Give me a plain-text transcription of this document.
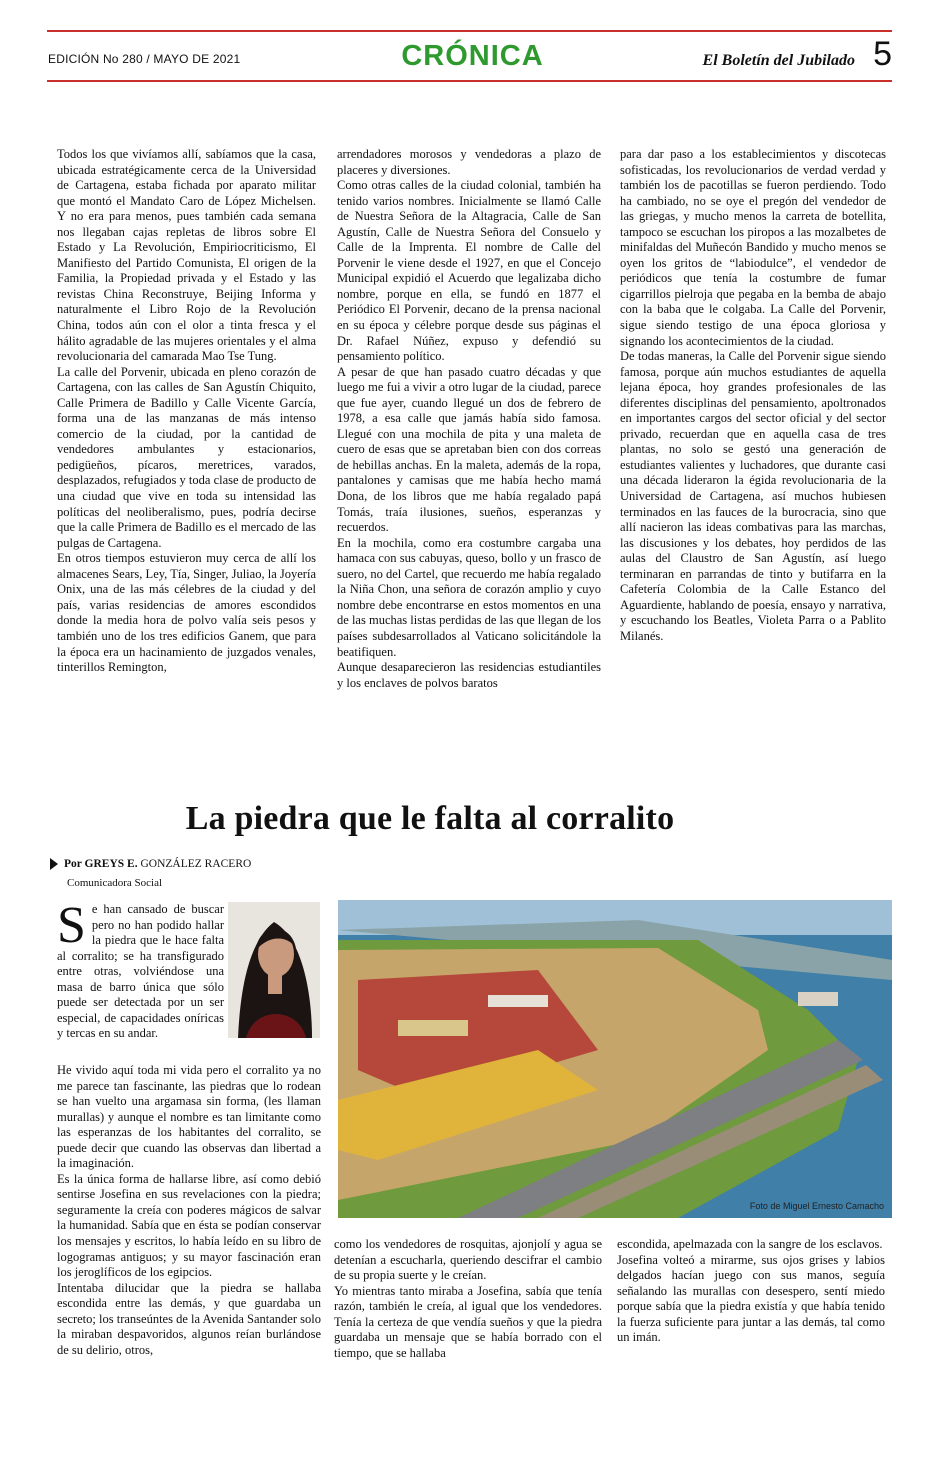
EDICIÓN No 280 / MAYO DE 2021	CRÓNICA	El Boletín del Jubilado 5

Todos los que vivíamos allí, sabíamos que la casa, ubicada estratégicamente cerca de la Universidad de Cartagena, estaba fichada por aparato militar que montó el Mandato Caro de López Michelsen. Y no era para menos, pues también cada semana nos llegaban cajas repletas de libros sobre El Estado y La Revolución, Empiriocriticismo, El Manifiesto del Partido Comunista, El origen de la Familia, la Propiedad privada y el Estado y las revistas China Reconstruye, Beijing Informa y naturalmente el Libro Rojo de la Revolución China, todos aún con el olor a tinta fresca y el hálito agradable de las mujeres orientales y el alma revolucionaria del camarada Mao Tse Tung.

La calle del Porvenir, ubicada en pleno corazón de Cartagena, con las calles de San Agustín Chiquito, Calle Primera de Badillo y Calle Vicente García, forma una de las manzanas de más intenso comercio de la ciudad, por la cantidad de vendedores ambulantes y estacionarios, pedigüeños, pícaros, meretrices, varados, desplazados, refugiados y toda clase de producto de una ciudad que vive en toda su intensidad las políticas del neoliberalismo, pues, podría decirse que la calle Primera de Badillo es el mercado de las pulgas de Cartagena.

En otros tiempos estuvieron muy cerca de allí los almacenes Sears, Ley, Tía, Singer, Juliao, la Joyería Onix, una de las más célebres de la ciudad y del país, varias residencias de amores escondidos donde la media hora de polvo valía seis pesos y también uno de los tres edificios Ganem, que para la época era un hacinamiento de juzgados venales, tinterillos Remington,

arrendadores morosos y vendedoras a plazo de placeres y diversiones.

Como otras calles de la ciudad colonial, también ha tenido varios nombres. Inicialmente se llamó Calle de Nuestra Señora de la Altagracia, Calle de San Agustín, Calle de Nuestra Señora del Consuelo y Calle de la Imprenta. El nombre de Calle del Porvenir le viene desde el 1927, en que el Concejo Municipal expidió el Acuerdo que legalizaba dicho nombre, porque en ella, se fundó en 1877 el Periódico El Porvenir, decano de la prensa nacional en su época y célebre porque desde sus páginas el Dr. Rafael Núñez, expuso y defendió su pensamiento político.

A pesar de que han pasado cuatro décadas y que luego me fui a vivir a otro lugar de la ciudad, parece que fue ayer, cuando llegué un dos de febrero de 1978, a esa calle que jamás había sido famosa. Llegué con una mochila de pita y una maleta de cuero de esas que se apretaban bien con dos correas de hebillas anchas. En la maleta, además de la ropa, pantalones y camisas que me había hecho mamá Dona, de los libros que me había regalado papá Tomás, traía ilusiones, sueños, esperanzas y recuerdos.

En la mochila, como era costumbre cargaba una hamaca con sus cabuyas, queso, bollo y un frasco de suero, no del Cartel, que recuerdo me había regalado la Niña Chon, una señora de corazón amplio y cuyo nombre debe encontrarse en estos momentos en una de las muchas listas perdidas de las que llegan de los países subdesarrollados al Vaticano solicitándole la beatifiquen.

Aunque desaparecieron las residencias estudiantiles y los enclaves de polvos baratos

para dar paso a los establecimientos y discotecas sofisticadas, los revolucionarios de verdad verdad y también los de pacotillas se fueron perdiendo. Todo ha cambiado, no se oye el pregón del vendedor de las griegas, y mucho menos la carreta de botellita, tampoco se escuchan los piropos a las mozalbetes de minifaldas del Muñecón Bandido y mucho menos se oyen los gritos de “labiodulce”, el vendedor de periódicos que tenía la costumbre de fumar cigarrillos pielroja que pegaba en la bemba de abajo con la baba que le colgaba. La Calle del Porvenir, sigue siendo testigo de una época gloriosa y signando los acontecimientos de la ciudad.

De todas maneras, la Calle del Porvenir sigue siendo famosa, porque aún muchos estudiantes de aquella lejana época, hoy grandes profesionales de las diferentes disciplinas del pensamiento, apoltronados en importantes cargos del sector oficial y del sector privado, recuerdan que en aquella casa de tres plantas, no solo se gestó una generación de estudiantes valientes y luchadores, que durante casi una década lideraron la égida revolucionaria de la Universidad de Cartagena, así muchos hubiesen terminados en las fauces de la burocracia, sino que allí nacieron las ideas combativas para las marchas, las discusiones y los debates, hoy perdidos de las aulas del Claustro de San Agustín, así luego terminaran en parrandas de tinto y butifarra en la Cafetería Colombia de la Calle Estanco del Aguardiente, hablando de poesía, ensayo y narrativa, y escuchando los Beatles, Violeta Parra o a Pablito Milanés.

La piedra que le falta al corralito
Por GREYS E. GONZÁLEZ RACERO
Comunicadora Social
Se han cansado de buscar pero no han podido hallar la piedra que le hace falta al corralito; se ha transfigurado entre otras, volviéndose una masa de barro única que sólo puede ser detectada por un ser especial, de capacidades oníricas y tercas en su andar.

He vivido aquí toda mi vida pero el corralito ya no me parece tan fascinante, las piedras que lo rodean se han vuelto una argamasa sin forma, (les llaman murallas) y aunque el nombre es tan limitante como las esperanzas de los habitantes del corralito, se puede decir que cuando las observas dan libertad a la imaginación.

Es la única forma de hallarse libre, así como debió sentirse Josefina en sus revelaciones con la piedra; seguramente la creía con poderes mágicos de salvar la humanidad. Sabía que en ésta se podían conservar los mensajes y escritos, lo había leído en su libro de logogramas antiguos; y su mayor fascinación eran los jeroglíficos de los egipcios.

Intentaba dilucidar que la piedra se hallaba escondida entre las demás, y que guardaba un secreto; los transeúntes de la Avenida Santander solo la miraban despavoridos, algunos reían burlándose de su delirio, otros,

Foto de Miguel Ernesto Camacho

como los vendedores de rosquitas, ajonjolí y agua se detenían a escucharla, queriendo descifrar el cambio de su propia suerte y le creían.

Yo mientras tanto miraba a Josefina, sabía que tenía razón, también le creía, al igual que los vendedores. Tenía la certeza de que vendía sueños y que la piedra guardaba un mensaje que se había borrado con el tiempo, que se hallaba

escondida, apelmazada con la sangre de los esclavos.

Josefina volteó a mirarme, sus ojos grises y labios delgados hacían juego con sus manos, seguía señalando las murallas con desespero, sentí miedo porque sabía que la piedra existía y que había tenido la fuerza suficiente para juntar a las demás, tal como un imán.
